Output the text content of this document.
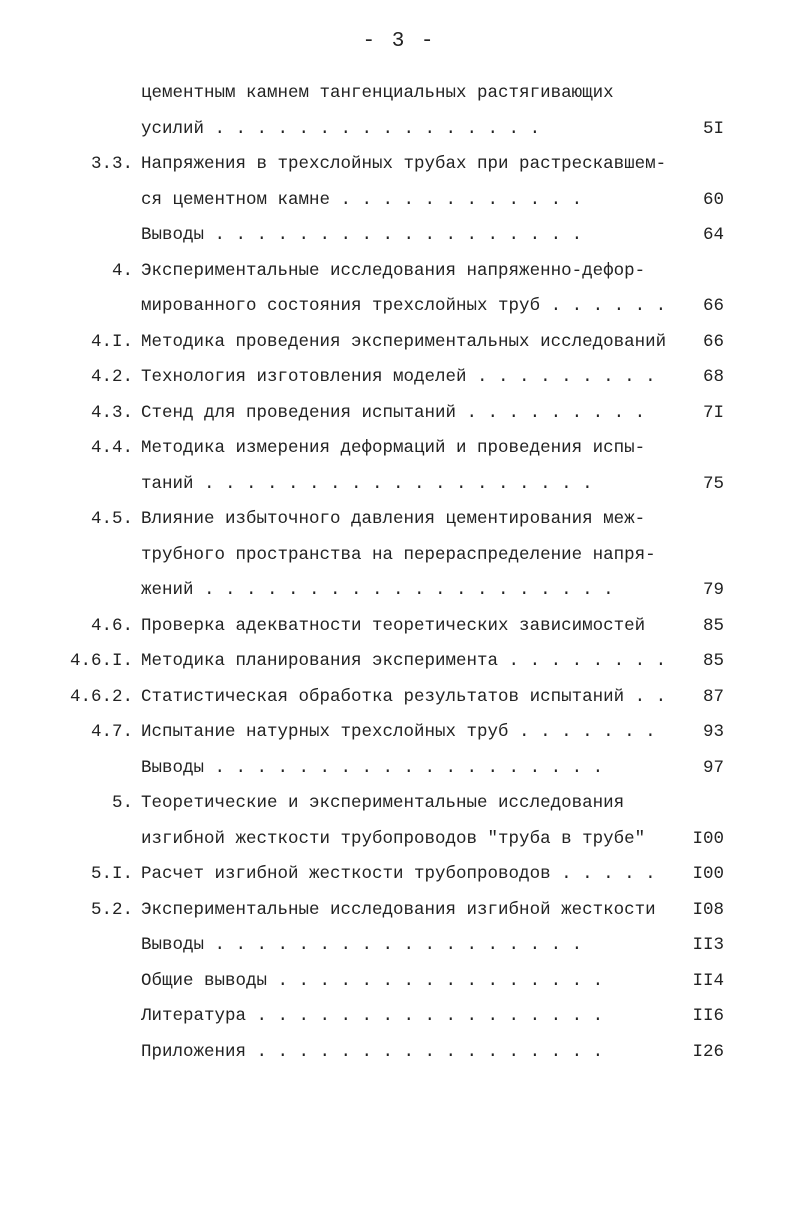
- 3 -
цементным камнем тангенциальных растягивающих
усилий . . . . . . . . . . . . . . . .	5I
3.3. Напряжения в трехслойных трубах при растрескавшем-
ся цементном камне . . . . . . . . . . . .	60
Выводы . . . . . . . . . . . . . . . . . .	64
4. Экспериментальные исследования напряженно-дефор-
мированного состояния трехслойных труб . . . . . . 66
4.I. Методика проведения экспериментальных исследований 66
4.2. Технология изготовления моделей . . . . . . . . .	68
4.3. Стенд для проведения испытаний . . . . . . . . .	7I
4.4. Методика измерения деформаций и проведения испы-
таний . . . . . . . . . . . . . . . . . . .	75
4.5. Влияние избыточного давления цементирования меж-
трубного пространства на перераспределение напря-
жений . . . . . . . . . . . . . . . . . . . .	79
4.6. Проверка адекватности теоретических зависимостей	85
4.6.I. Методика планирования эксперимента . . . . . . . . 85
4.6.2. Статистическая обработка результатов испытаний . . 87
4.7. Испытание натурных трехслойных труб . . . . . . .	93
Выводы . . . . . . . . . . . . . . . . . . .	97
5. Теоретические и экспериментальные исследования
изгибной жесткости трубопроводов "труба в трубе"	I00
5.I. Расчет изгибной жесткости трубопроводов . . . . . I00
5.2. Экспериментальные исследования изгибной жесткости I08
Выводы . . . . . . . . . . . . . . . . . .	II3
Общие выводы . . . . . . . . . . . . . . . .	II4
Литература . . . . . . . . . . . . . . . . .	II6
Приложения . . . . . . . . . . . . . . . . .	I26
